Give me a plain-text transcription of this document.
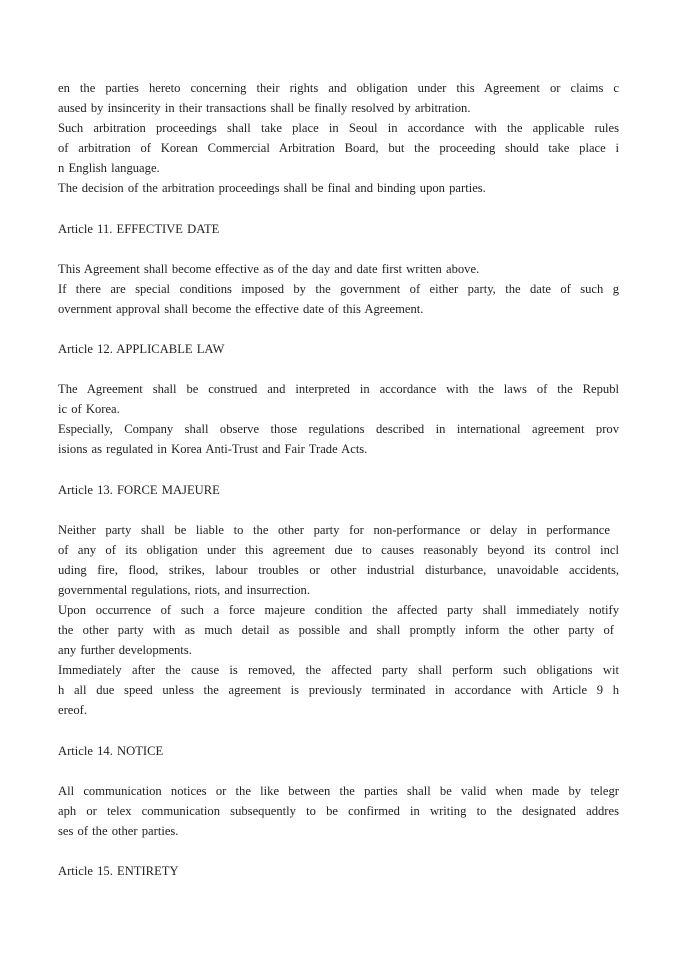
en the parties hereto concerning their rights and obligation under this Agreement or claims c
aused by insincerity in their transactions shall be finally resolved by arbitration.
Such arbitration proceedings shall take place in Seoul in accordance with the applicable rules
of arbitration of Korean Commercial Arbitration Board, but the proceeding should take place i
n English language.
The decision of the arbitration proceedings shall be final and binding upon parties.
Article 11. EFFECTIVE DATE
This Agreement shall become effective as of the day and date first written above.
If there are special conditions imposed by the government of either party, the date of such g
overnment approval shall become the effective date of this Agreement.
Article 12. APPLICABLE LAW
The Agreement shall be construed and interpreted in accordance with the laws of the Republ
ic of Korea.
Especially, Company shall observe those regulations described in international agreement prov
isions as regulated in Korea Anti-Trust and Fair Trade Acts.
Article 13. FORCE MAJEURE
Neither party shall be liable to the other party for non-performance or delay in performance
of any of its obligation under this agreement due to causes reasonably beyond its control incl
uding fire, flood, strikes, labour troubles or other industrial disturbance, unavoidable accidents,
governmental regulations, riots, and insurrection.
Upon occurrence of such a force majeure condition the affected party shall immediately notify
the other party with as much detail as possible and shall promptly inform the other party of
any further developments.
Immediately after the cause is removed, the affected party shall perform such obligations wit
h all due speed unless the agreement is previously terminated in accordance with Article 9 h
ereof.
Article 14. NOTICE
All communication notices or the like between the parties shall be valid when made by telegr
aph or telex communication subsequently to be confirmed in writing to the designated addres
ses of the other parties.
Article 15. ENTIRETY
